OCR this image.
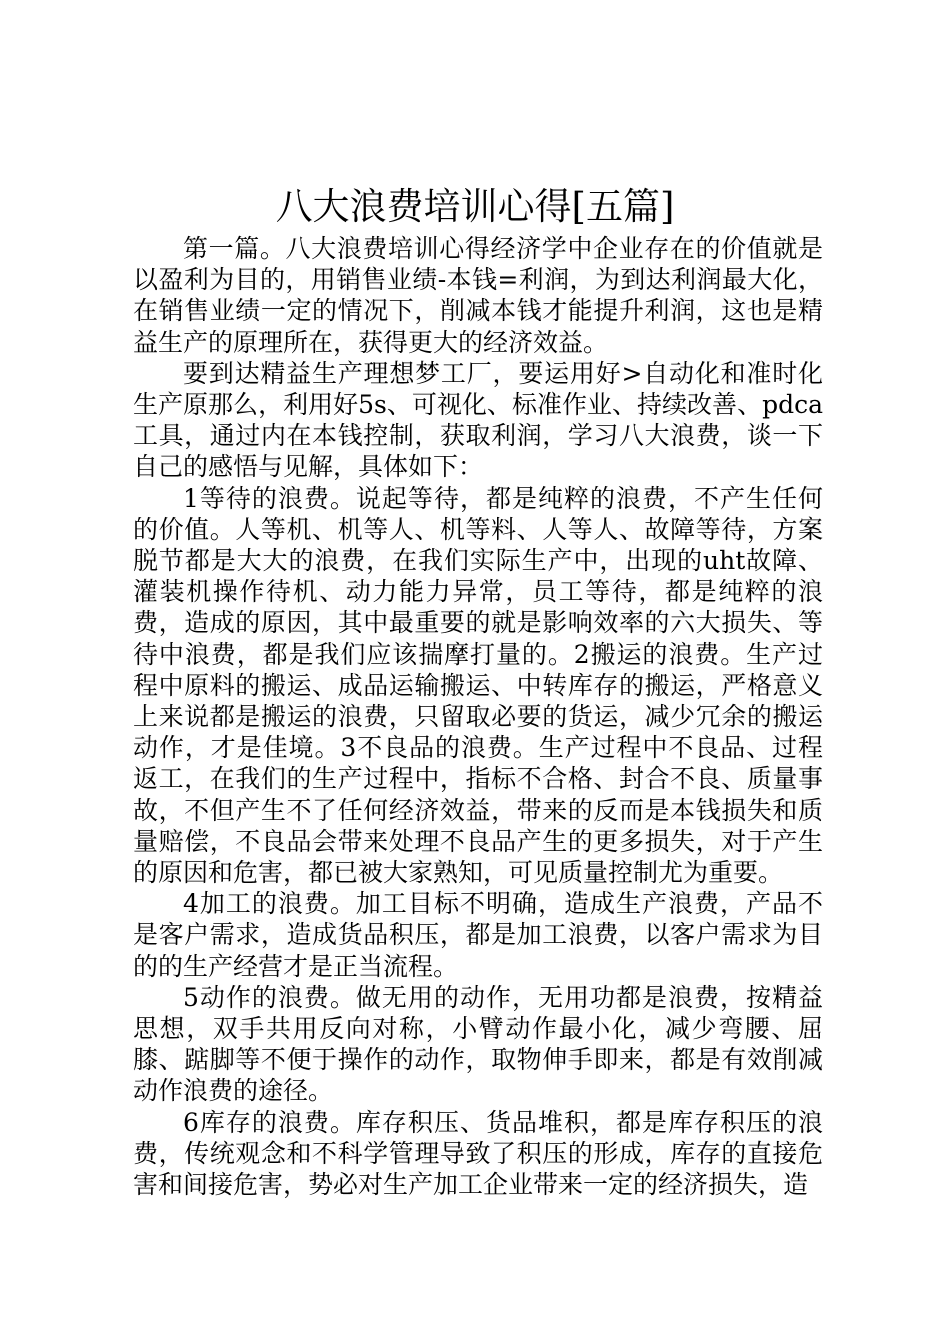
八大浪费培训心得[五篇]

第一篇。八大浪费培训心得经济学中企业存在的价值就是以盈利为目的，用销售业绩-本钱=利润，为到达利润最大化，在销售业绩一定的情况下，削减本钱才能提升利润，这也是精益生产的原理所在，获得更大的经济效益。

要到达精益生产理想梦工厂，要运用好>自动化和准时化生产原那么，利用好5s、可视化、标准作业、持续改善、pdca工具，通过内在本钱控制，获取利润，学习八大浪费，谈一下自己的感悟与见解，具体如下：

1等待的浪费。说起等待，都是纯粹的浪费，不产生任何的价值。人等机、机等人、机等料、人等人、故障等待，方案脱节都是大大的浪费，在我们实际生产中，出现的uht故障、灌装机操作待机、动力能力异常，员工等待，都是纯粹的浪费，造成的原因，其中最重要的就是影响效率的六大损失、等待中浪费，都是我们应该揣摩打量的。2搬运的浪费。生产过程中原料的搬运、成品运输搬运、中转库存的搬运，严格意义上来说都是搬运的浪费，只留取必要的货运，减少冗余的搬运动作，才是佳境。3不良品的浪费。生产过程中不良品、过程返工，在我们的生产过程中，指标不合格、封合不良、质量事故，不但产生不了任何经济效益，带来的反而是本钱损失和质量赔偿，不良品会带来处理不良品产生的更多损失，对于产生的原因和危害，都已被大家熟知，可见质量控制尤为重要。

4加工的浪费。加工目标不明确，造成生产浪费，产品不是客户需求，造成货品积压，都是加工浪费，以客户需求为目的的生产经营才是正当流程。

5动作的浪费。做无用的动作，无用功都是浪费，按精益思想，双手共用反向对称，小臂动作最小化，减少弯腰、屈膝、踮脚等不便于操作的动作，取物伸手即来，都是有效削减动作浪费的途径。

6库存的浪费。库存积压、货品堆积，都是库存积压的浪费，传统观念和不科学管理导致了积压的形成，库存的直接危害和间接危害，势必对生产加工企业带来一定的经济损失，造
